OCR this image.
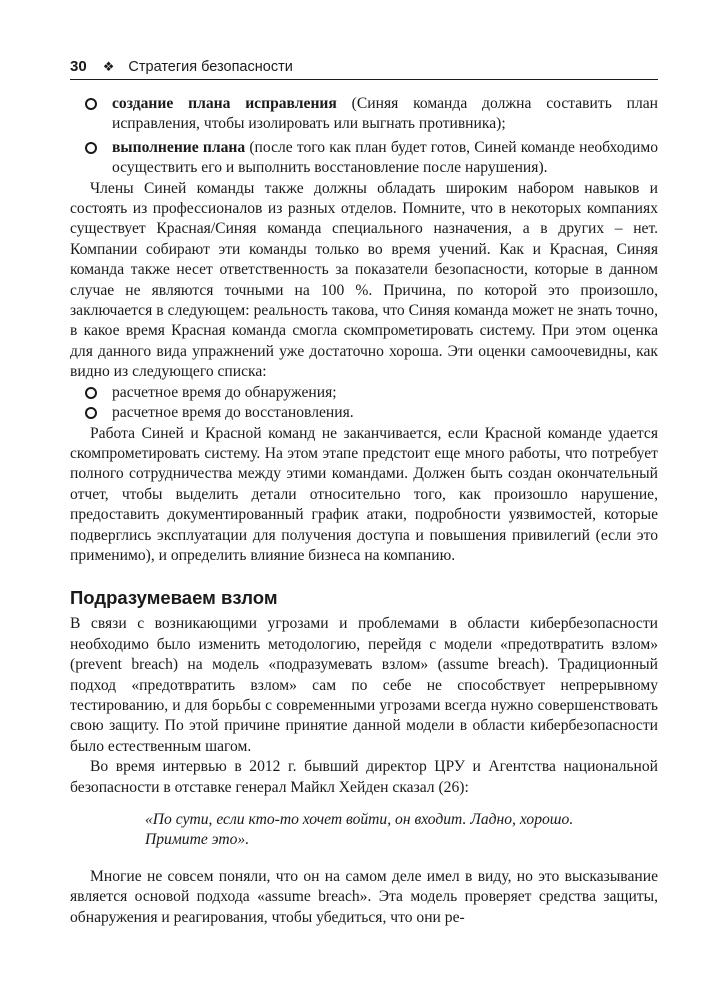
30 ❖ Стратегия безопасности
создание плана исправления (Синяя команда должна составить план исправления, чтобы изолировать или выгнать противника);
выполнение плана (после того как план будет готов, Синей команде необходимо осуществить его и выполнить восстановление после нарушения).

Члены Синей команды также должны обладать широким набором навыков и состоять из профессионалов из разных отделов. Помните, что в некоторых компаниях существует Красная/Синяя команда специального назначения, а в других – нет. Компании собирают эти команды только во время учений. Как и Красная, Синяя команда также несет ответственность за показатели безопасности, которые в данном случае не являются точными на 100 %. Причина, по которой это произошло, заключается в следующем: реальность такова, что Синяя команда может не знать точно, в какое время Красная команда смогла скомпрометировать систему. При этом оценка для данного вида упражнений уже достаточно хороша. Эти оценки самоочевидны, как видно из следующего списка:

расчетное время до обнаружения;
расчетное время до восстановления.

Работа Синей и Красной команд не заканчивается, если Красной команде удается скомпрометировать систему. На этом этапе предстоит еще много работы, что потребует полного сотрудничества между этими командами. Должен быть создан окончательный отчет, чтобы выделить детали относительно того, как произошло нарушение, предоставить документированный график атаки, подробности уязвимостей, которые подверглись эксплуатации для получения доступа и повышения привилегий (если это применимо), и определить влияние бизнеса на компанию.

Подразумеваем взлом

В связи с возникающими угрозами и проблемами в области кибербезопасности необходимо было изменить методологию, перейдя с модели «предотвратить взлом» (prevent breach) на модель «подразумевать взлом» (assume breach). Традиционный подход «предотвратить взлом» сам по себе не способствует непрерывному тестированию, и для борьбы с современными угрозами всегда нужно совершенствовать свою защиту. По этой причине принятие данной модели в области кибербезопасности было естественным шагом.

Во время интервью в 2012 г. бывший директор ЦРУ и Агентства национальной безопасности в отставке генерал Майкл Хейден сказал (26):

«По сути, если кто-то хочет войти, он входит. Ладно, хорошо. Примите это».

Многие не совсем поняли, что он на самом деле имел в виду, но это высказывание является основой подхода «assume breach». Эта модель проверяет средства защиты, обнаружения и реагирования, чтобы убедиться, что они ре-
